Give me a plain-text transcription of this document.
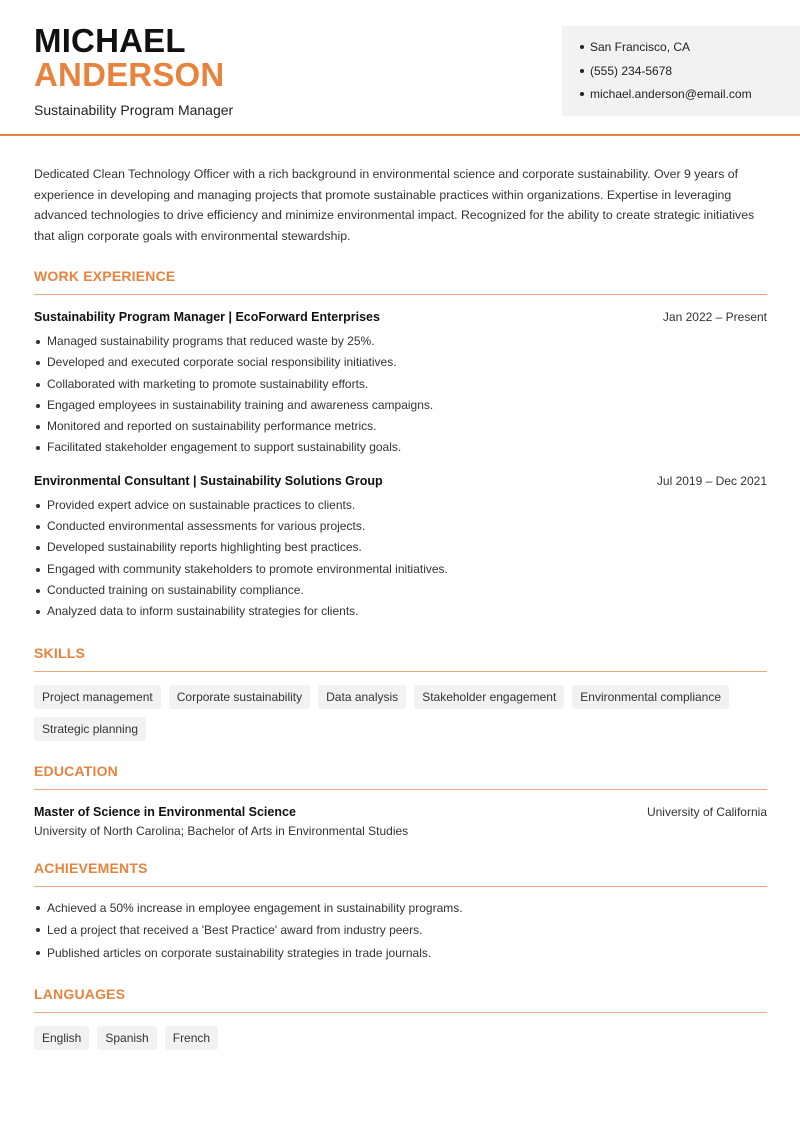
MICHAEL
ANDERSON
Sustainability Program Manager
San Francisco, CA
(555) 234-5678
michael.anderson@email.com

Dedicated Clean Technology Officer with a rich background in environmental science and corporate sustainability. Over 9 years of experience in developing and managing projects that promote sustainable practices within organizations. Expertise in leveraging advanced technologies to drive efficiency and minimize environmental impact. Recognized for the ability to create strategic initiatives that align corporate goals with environmental stewardship.

WORK EXPERIENCE
Sustainability Program Manager | EcoForward Enterprises	Jan 2022 – Present
Managed sustainability programs that reduced waste by 25%.
Developed and executed corporate social responsibility initiatives.
Collaborated with marketing to promote sustainability efforts.
Engaged employees in sustainability training and awareness campaigns.
Monitored and reported on sustainability performance metrics.
Facilitated stakeholder engagement to support sustainability goals.
Environmental Consultant | Sustainability Solutions Group	Jul 2019 – Dec 2021
Provided expert advice on sustainable practices to clients.
Conducted environmental assessments for various projects.
Developed sustainability reports highlighting best practices.
Engaged with community stakeholders to promote environmental initiatives.
Conducted training on sustainability compliance.
Analyzed data to inform sustainability strategies for clients.
SKILLS
Project management	Corporate sustainability	Data analysis	Stakeholder engagement	Environmental compliance
Strategic planning
EDUCATION
Master of Science in Environmental Science	University of California
University of North Carolina; Bachelor of Arts in Environmental Studies
ACHIEVEMENTS
Achieved a 50% increase in employee engagement in sustainability programs.
Led a project that received a 'Best Practice' award from industry peers.
Published articles on corporate sustainability strategies in trade journals.
LANGUAGES
English	Spanish	French
